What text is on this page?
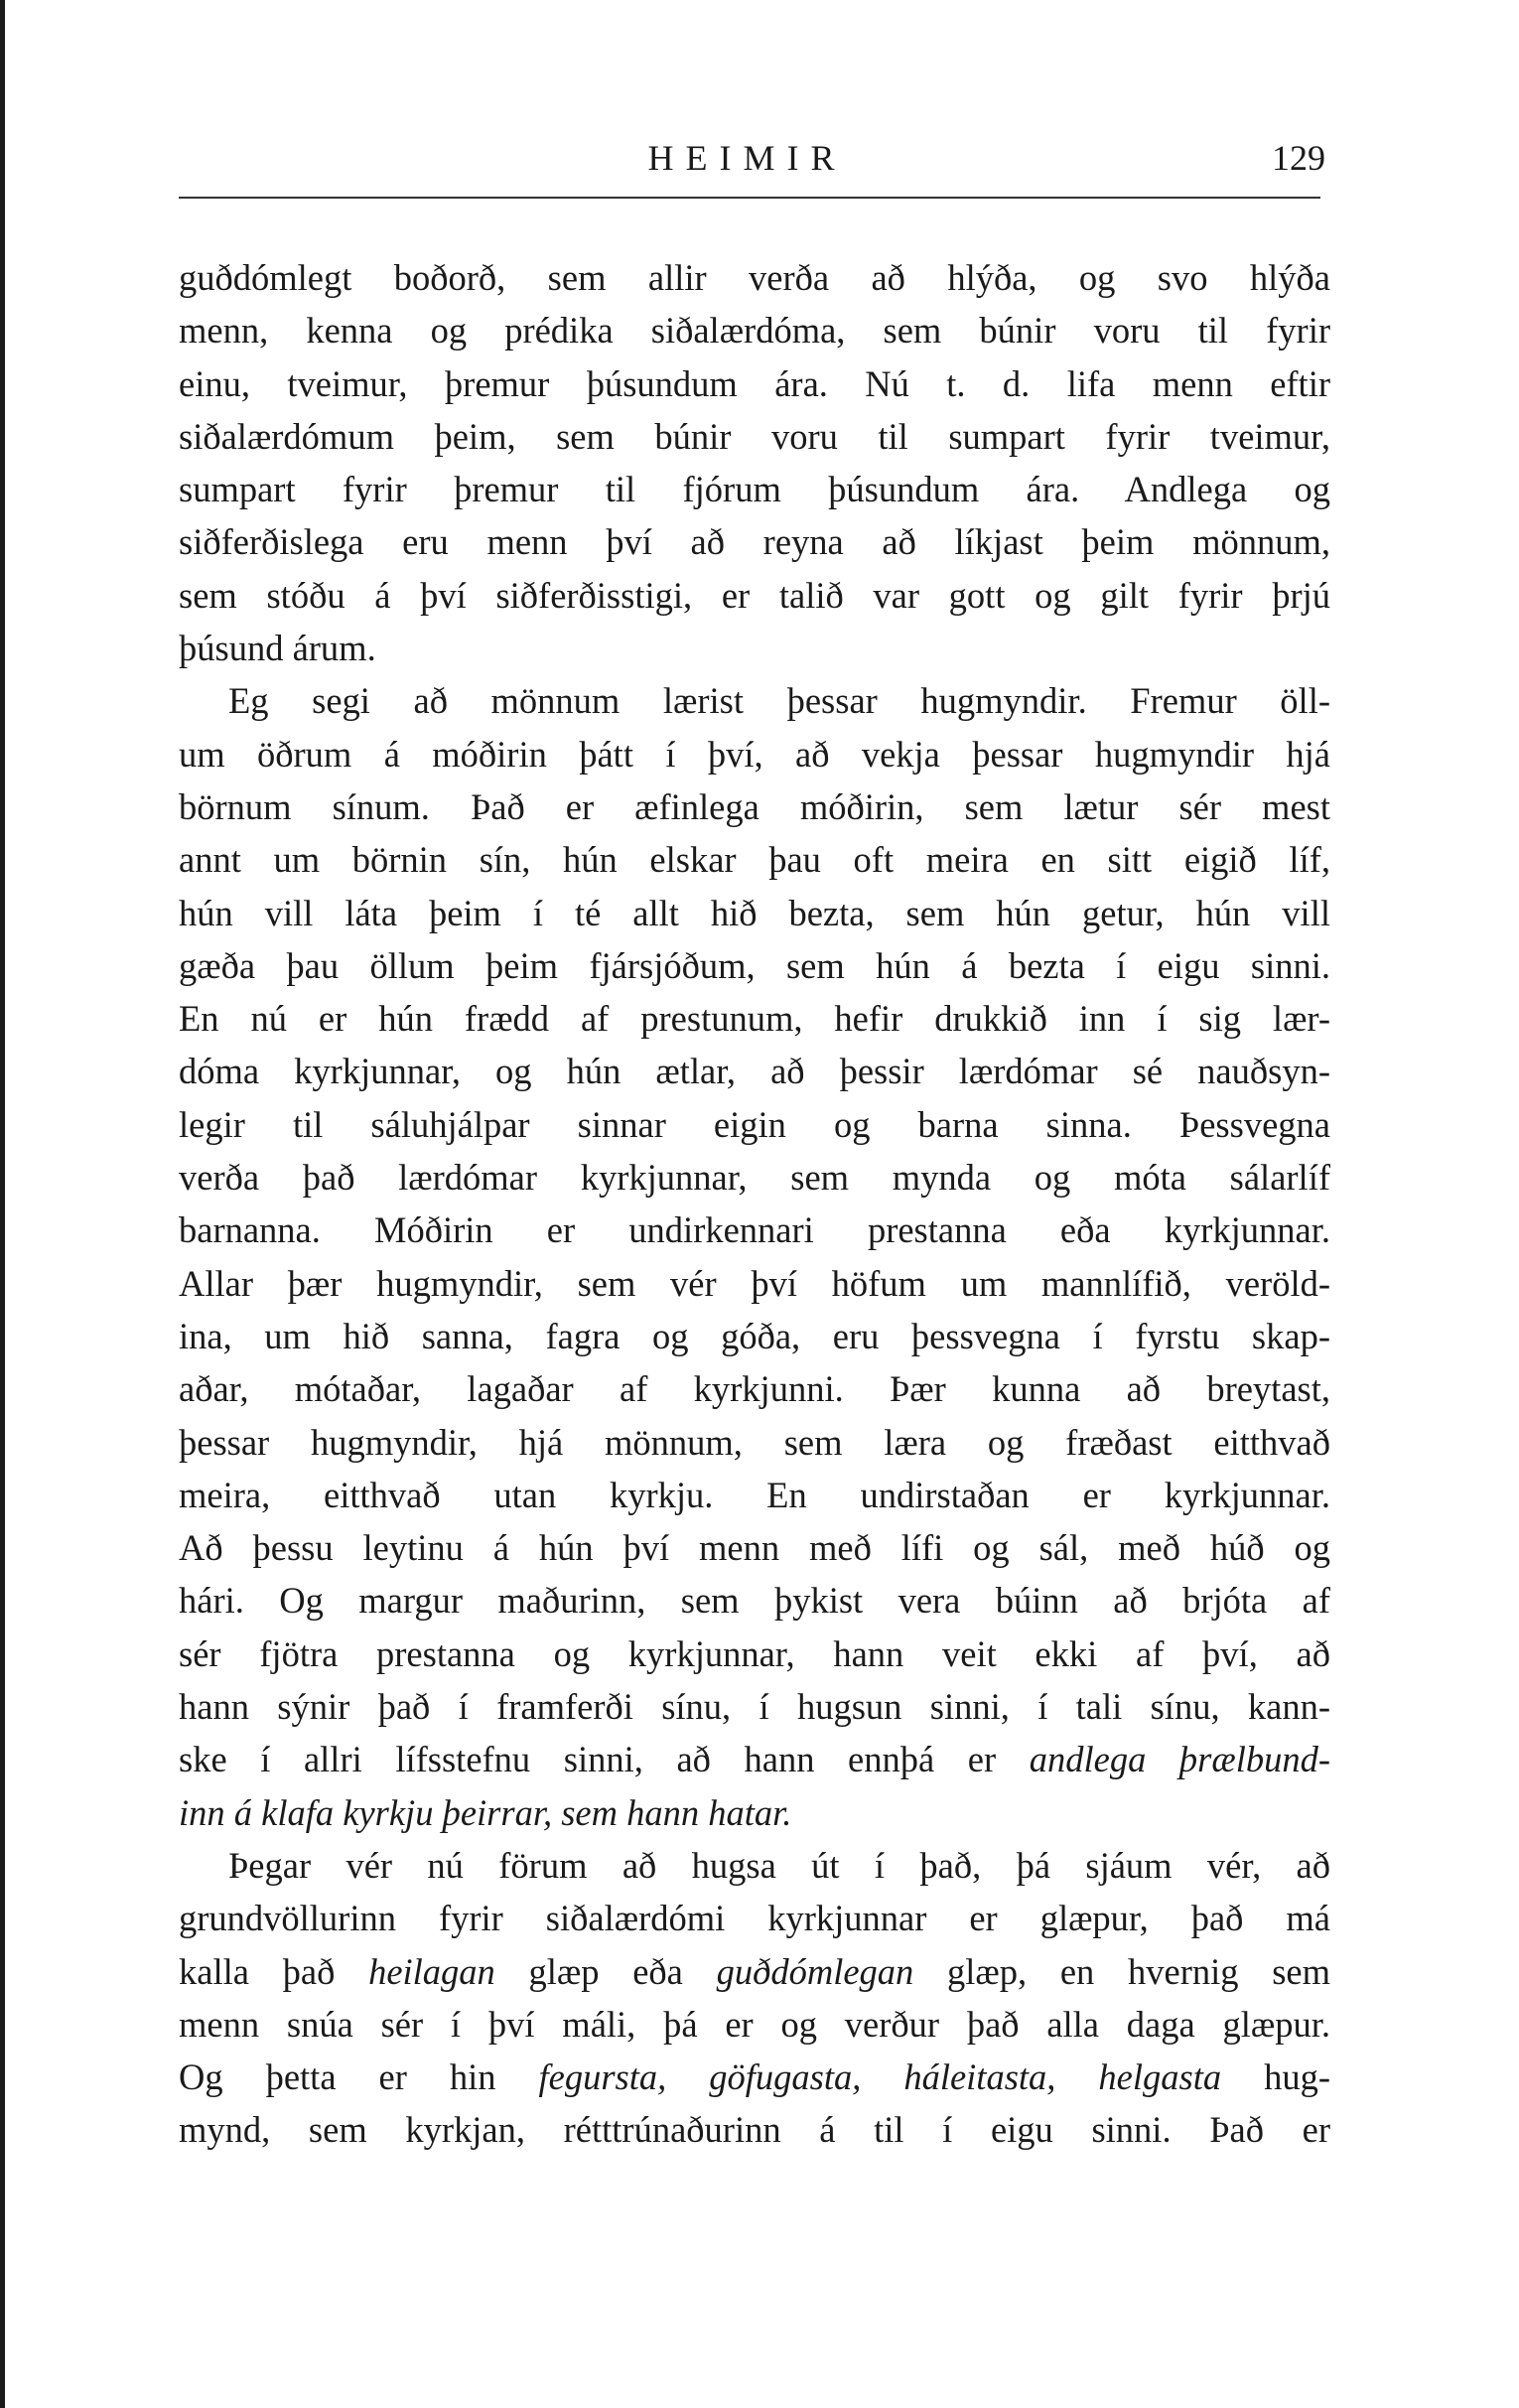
HEIMIR	129
guðdómlegt boðorð, sem allir verða að hlýða, og svo hlýða
menn, kenna og prédika siðalærdóma, sem búnir voru til fyrir
einu, tveimur, þremur þúsundum ára. Nú t. d. lifa menn eftir
siðalærdómum þeim, sem búnir voru til sumpart fyrir tveimur,
sumpart fyrir þremur til fjórum þúsundum ára. Andlega og
siðferðislega eru menn því að reyna að líkjast þeim mönnum,
sem stóðu á því siðferðisstigi, er talið var gott og gilt fyrir þrjú
þúsund árum.
Eg segi að mönnum lærist þessar hugmyndir. Fremur öll-
um öðrum á móðirin þátt í því, að vekja þessar hugmyndir hjá
börnum sínum. Það er æfinlega móðirin, sem lætur sér mest
annt um börnin sín, hún elskar þau oft meira en sitt eigið líf,
hún vill láta þeim í té allt hið bezta, sem hún getur, hún vill
gæða þau öllum þeim fjársjóðum, sem hún á bezta í eigu sinni.
En nú er hún frædd af prestunum, hefir drukkið inn í sig lær-
dóma kyrkjunnar, og hún ætlar, að þessir lærdómar sé nauðsyn-
legir til sáluhjálpar sinnar eigin og barna sinna. Þessvegna
verða það lærdómar kyrkjunnar, sem mynda og móta sálarlíf
barnanna. Móðirin er undirkennari prestanna eða kyrkjunnar.
Allar þær hugmyndir, sem vér því höfum um mannlífið, veröld-
ina, um hið sanna, fagra og góða, eru þessvegna í fyrstu skap-
aðar, mótaðar, lagaðar af kyrkjunni. Þær kunna að breytast,
þessar hugmyndir, hjá mönnum, sem læra og fræðast eitthvað
meira, eitthvað utan kyrkju. En undirstaðan er kyrkjunnar.
Að þessu leytinu á hún því menn með lífi og sál, með húð og
hári. Og margur maðurinn, sem þykist vera búinn að brjóta af
sér fjötra prestanna og kyrkjunnar, hann veit ekki af því, að
hann sýnir það í framferði sínu, í hugsun sinni, í tali sínu, kann-
ske í allri lífsstefnu sinni, að hann ennþá er andlega þrælbund-
inn á klafa kyrkju þeirrar, sem hann hatar.
Þegar vér nú förum að hugsa út í það, þá sjáum vér, að
grundvöllurinn fyrir siðalærdómi kyrkjunnar er glæpur, það má
kalla það heilagan glæp eða guðdómlegan glæp, en hvernig sem
menn snúa sér í því máli, þá er og verður það alla daga glæpur.
Og þetta er hin fegursta, göfugasta, háleitasta, helgasta hug-
mynd, sem kyrkjan, rétttrúnaðurinn á til í eigu sinni. Það er
